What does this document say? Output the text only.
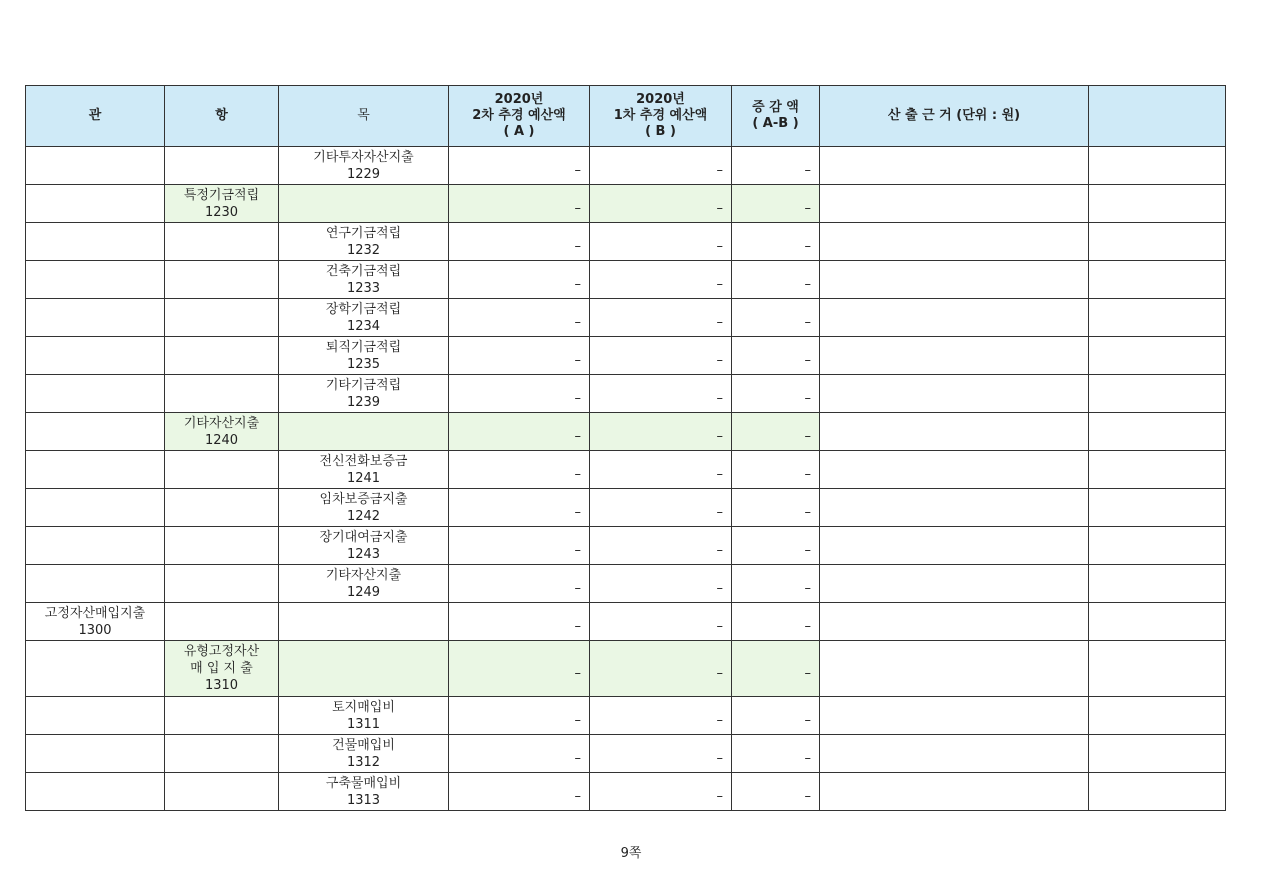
관	항	목	2020년
2차 추경 예산액
( A )	2020년
1차 추경 예산액
( B )	증 감 액
( A-B )	산 출 근 거 (단위 : 원)	
		기타투자자산지출
1229	–	–	–		
	특정기금적립
1230		–	–	–		
		연구기금적립
1232	–	–	–		
		건축기금적립
1233	–	–	–		
		장학기금적립
1234	–	–	–		
		퇴직기금적립
1235	–	–	–		
		기타기금적립
1239	–	–	–		
	기타자산지출
1240		–	–	–		
		전신전화보증금
1241	–	–	–		
		임차보증금지출
1242	–	–	–		
		장기대여금지출
1243	–	–	–		
		기타자산지출
1249	–	–	–		
고정자산매입지출
1300			–	–	–		
	유형고정자산
매 입 지 출
1310		–	–	–		
		토지매입비
1311	–	–	–		
		건물매입비
1312	–	–	–		
		구축물매입비
1313	–	–	–		
9쪽
